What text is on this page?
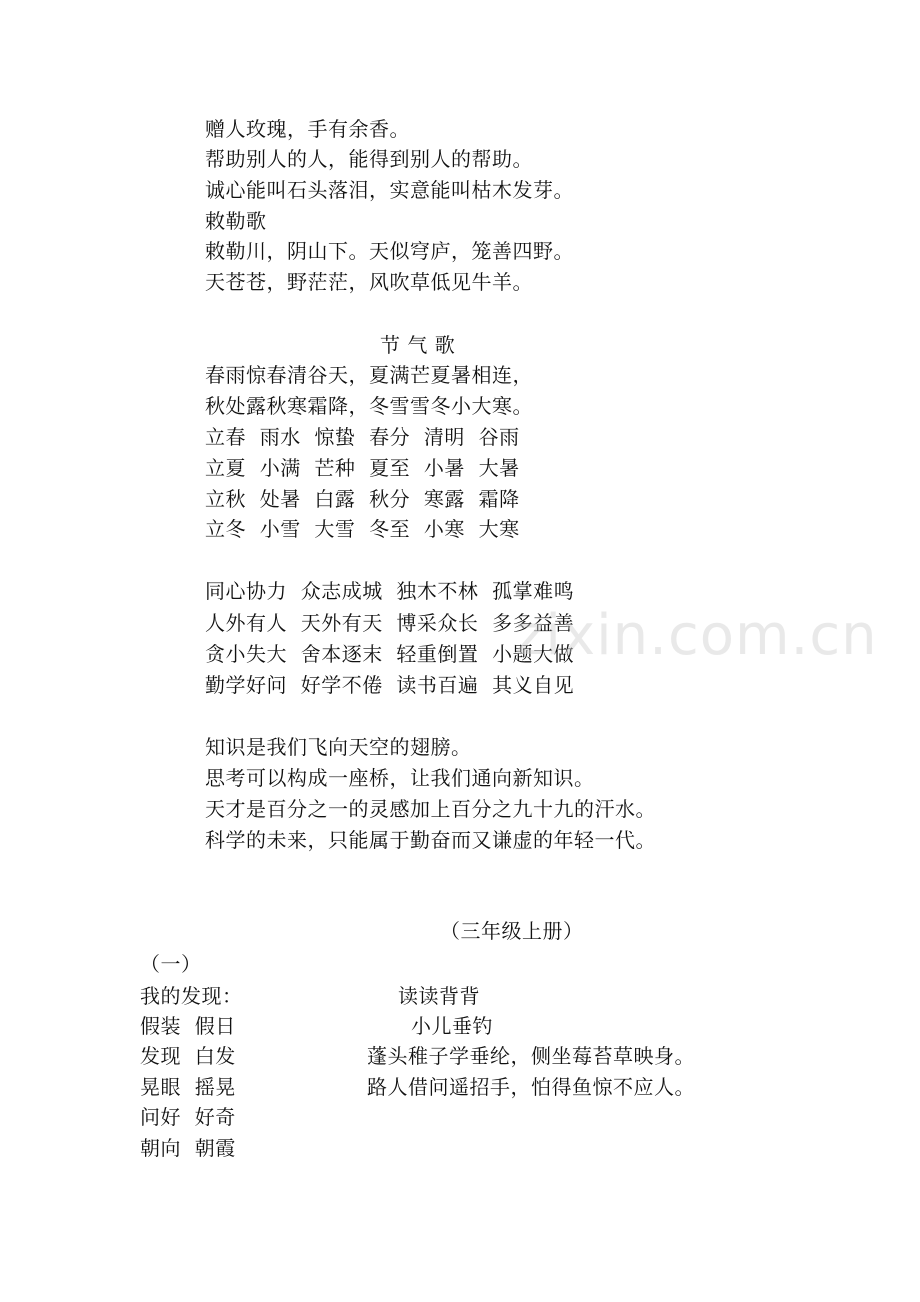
赠人玫瑰，手有余香。
帮助别人的人，能得到别人的帮助。
诚心能叫石头落泪，实意能叫枯木发芽。
敕勒歌
敕勒川，阴山下。天似穹庐，笼善四野。
天苍苍，野茫茫，风吹草低见牛羊。
节 气 歌
春雨惊春清谷天，夏满芒夏暑相连，
秋处露秋寒霜降，冬雪雪冬小大寒。
立春  雨水  惊蛰  春分  清明  谷雨
立夏  小满  芒种  夏至  小暑  大暑
立秋  处暑  白露  秋分  寒露  霜降
立冬  小雪  大雪  冬至  小寒  大寒
同心协力  众志成城  独木不林  孤掌难鸣
人外有人  天外有天  博采众长  多多益善
贪小失大  舍本逐末  轻重倒置  小题大做
勤学好问  好学不倦  读书百遍  其义自见
知识是我们飞向天空的翅膀。
思考可以构成一座桥，让我们通向新知识。
天才是百分之一的灵感加上百分之九十九的汗水。
科学的未来，只能属于勤奋而又谦虚的年轻一代。
（三年级上册）
（一）
我的发现：
假装  假日
发现  白发
晃眼  摇晃
问好  好奇
朝向  朝霞
读读背背
小儿垂钓
蓬头稚子学垂纶，侧坐莓苔草映身。
路人借问遥招手，怕得鱼惊不应人。
zixin.com.cn
